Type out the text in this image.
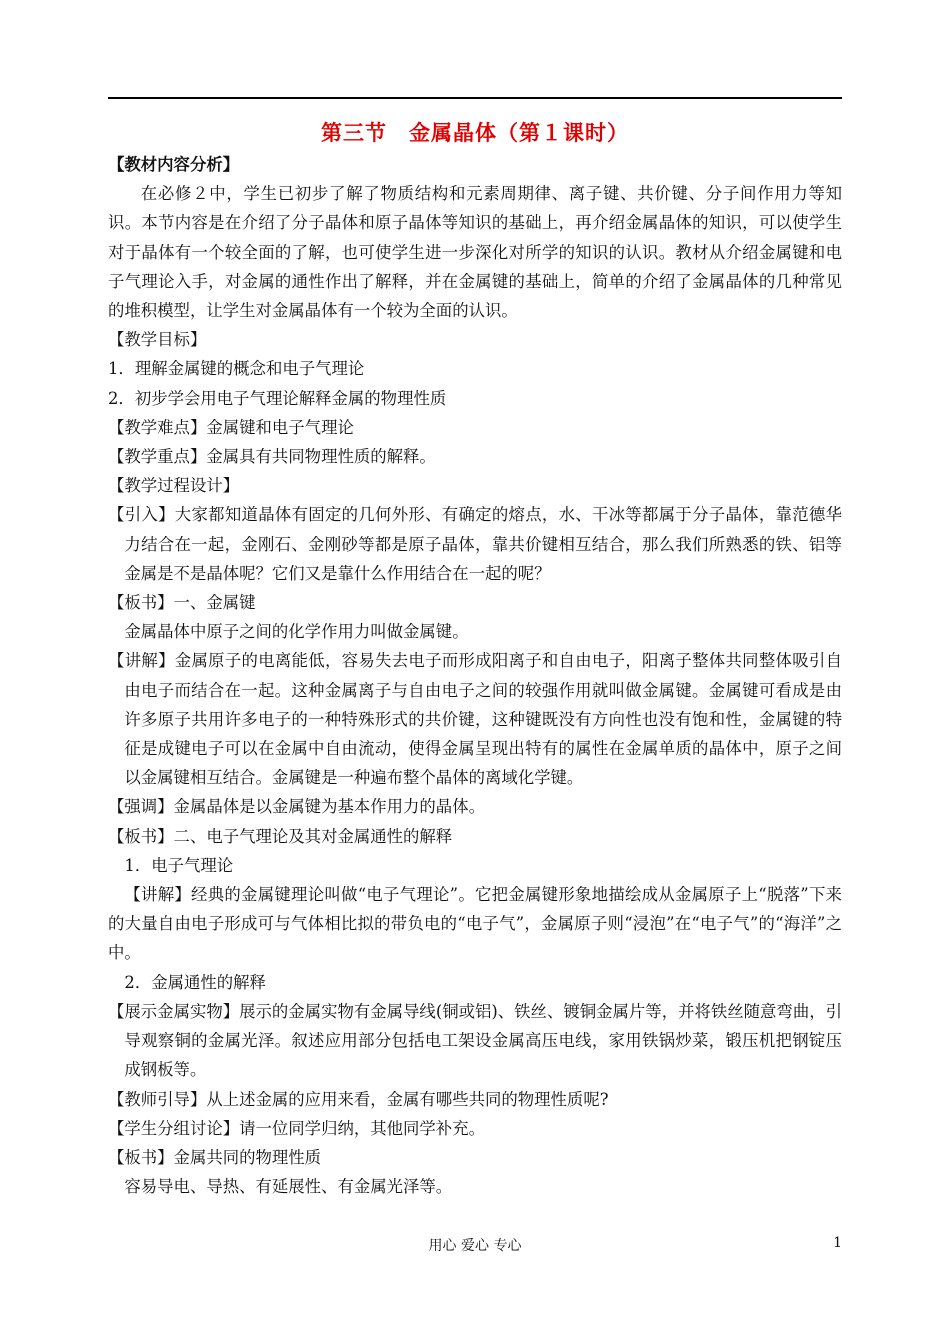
第三节　金属晶体（第１课时）

【教材内容分析】

在必修２中，学生已初步了解了物质结构和元素周期律、离子键、共价键、分子间作用力等知识。本节内容是在介绍了分子晶体和原子晶体等知识的基础上，再介绍金属晶体的知识，可以使学生对于晶体有一个较全面的了解，也可使学生进一步深化对所学的知识的认识。教材从介绍金属键和电子气理论入手，对金属的通性作出了解释，并在金属键的基础上，简单的介绍了金属晶体的几种常见的堆积模型，让学生对金属晶体有一个较为全面的认识。

【教学目标】

1．理解金属键的概念和电子气理论

2．初步学会用电子气理论解释金属的物理性质

【教学难点】金属键和电子气理论

【教学重点】金属具有共同物理性质的解释。

【教学过程设计】

【引入】大家都知道晶体有固定的几何外形、有确定的熔点，水、干冰等都属于分子晶体，靠范德华力结合在一起，金刚石、金刚砂等都是原子晶体，靠共价键相互结合，那么我们所熟悉的铁、铝等金属是不是晶体呢？它们又是靠什么作用结合在一起的呢？

【板书】一、金属键

金属晶体中原子之间的化学作用力叫做金属键。

【讲解】金属原子的电离能低，容易失去电子而形成阳离子和自由电子，阳离子整体共同整体吸引自由电子而结合在一起。这种金属离子与自由电子之间的较强作用就叫做金属键。金属键可看成是由许多原子共用许多电子的一种特殊形式的共价键，这种键既没有方向性也没有饱和性，金属键的特征是成键电子可以在金属中自由流动，使得金属呈现出特有的属性在金属单质的晶体中，原子之间以金属键相互结合。金属键是一种遍布整个晶体的离域化学键。

【强调】金属晶体是以金属键为基本作用力的晶体。

【板书】二、电子气理论及其对金属通性的解释

1．电子气理论

【讲解】经典的金属键理论叫做“电子气理论”。它把金属键形象地描绘成从金属原子上“脱落”下来的大量自由电子形成可与气体相比拟的带负电的“电子气”，金属原子则“浸泡”在“电子气”的“海洋”之中。

2．金属通性的解释

【展示金属实物】展示的金属实物有金属导线(铜或铝)、铁丝、镀铜金属片等，并将铁丝随意弯曲，引导观察铜的金属光泽。叙述应用部分包括电工架设金属高压电线，家用铁锅炒菜，锻压机把钢锭压成钢板等。

【教师引导】从上述金属的应用来看，金属有哪些共同的物理性质呢?

【学生分组讨论】请一位同学归纳，其他同学补充。

【板书】金属共同的物理性质

容易导电、导热、有延展性、有金属光泽等。

用心 爱心 专心	1
